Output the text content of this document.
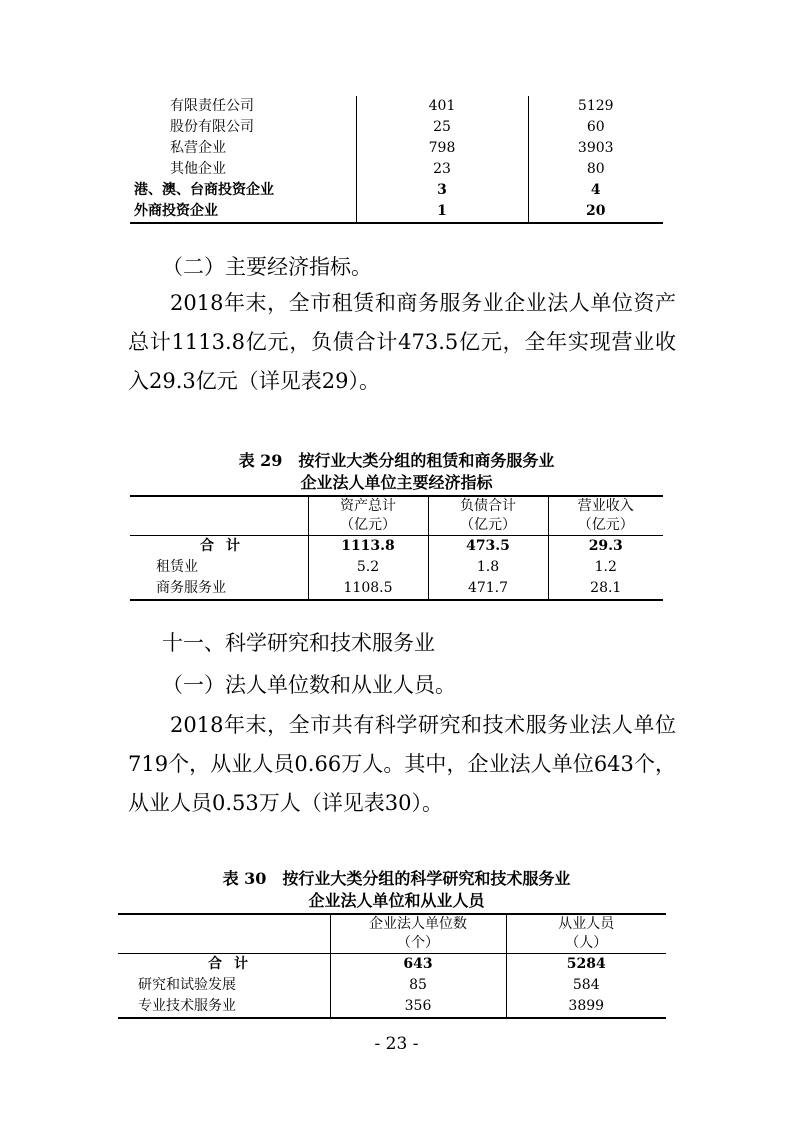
有限责任公司	401	5129
股份有限公司	25	60
私营企业	798	3903
其他企业	23	80
港、澳、台商投资企业	3	4
外商投资企业	1	20
（二）主要经济指标。
2018年末，全市租赁和商务服务业企业法人单位资产总计1113.8亿元，负债合计473.5亿元，全年实现营业收入29.3亿元（详见表29）。
表 29　按行业大类分组的租赁和商务服务业
企业法人单位主要经济指标
	资产总计	负债合计	营业收入
	（亿元）	（亿元）	（亿元）
合计	1113.8	473.5	29.3
租赁业	5.2	1.8	1.2
商务服务业	1108.5	471.7	28.1
十一、科学研究和技术服务业
（一）法人单位数和从业人员。
2018年末，全市共有科学研究和技术服务业法人单位719个，从业人员0.66万人。其中，企业法人单位643个，从业人员0.53万人（详见表30）。
表 30　按行业大类分组的科学研究和技术服务业
企业法人单位和从业人员
	企业法人单位数	从业人员
	（个）	（人）
合计	643	5284
研究和试验发展	85	584
专业技术服务业	356	3899
- 23 -
